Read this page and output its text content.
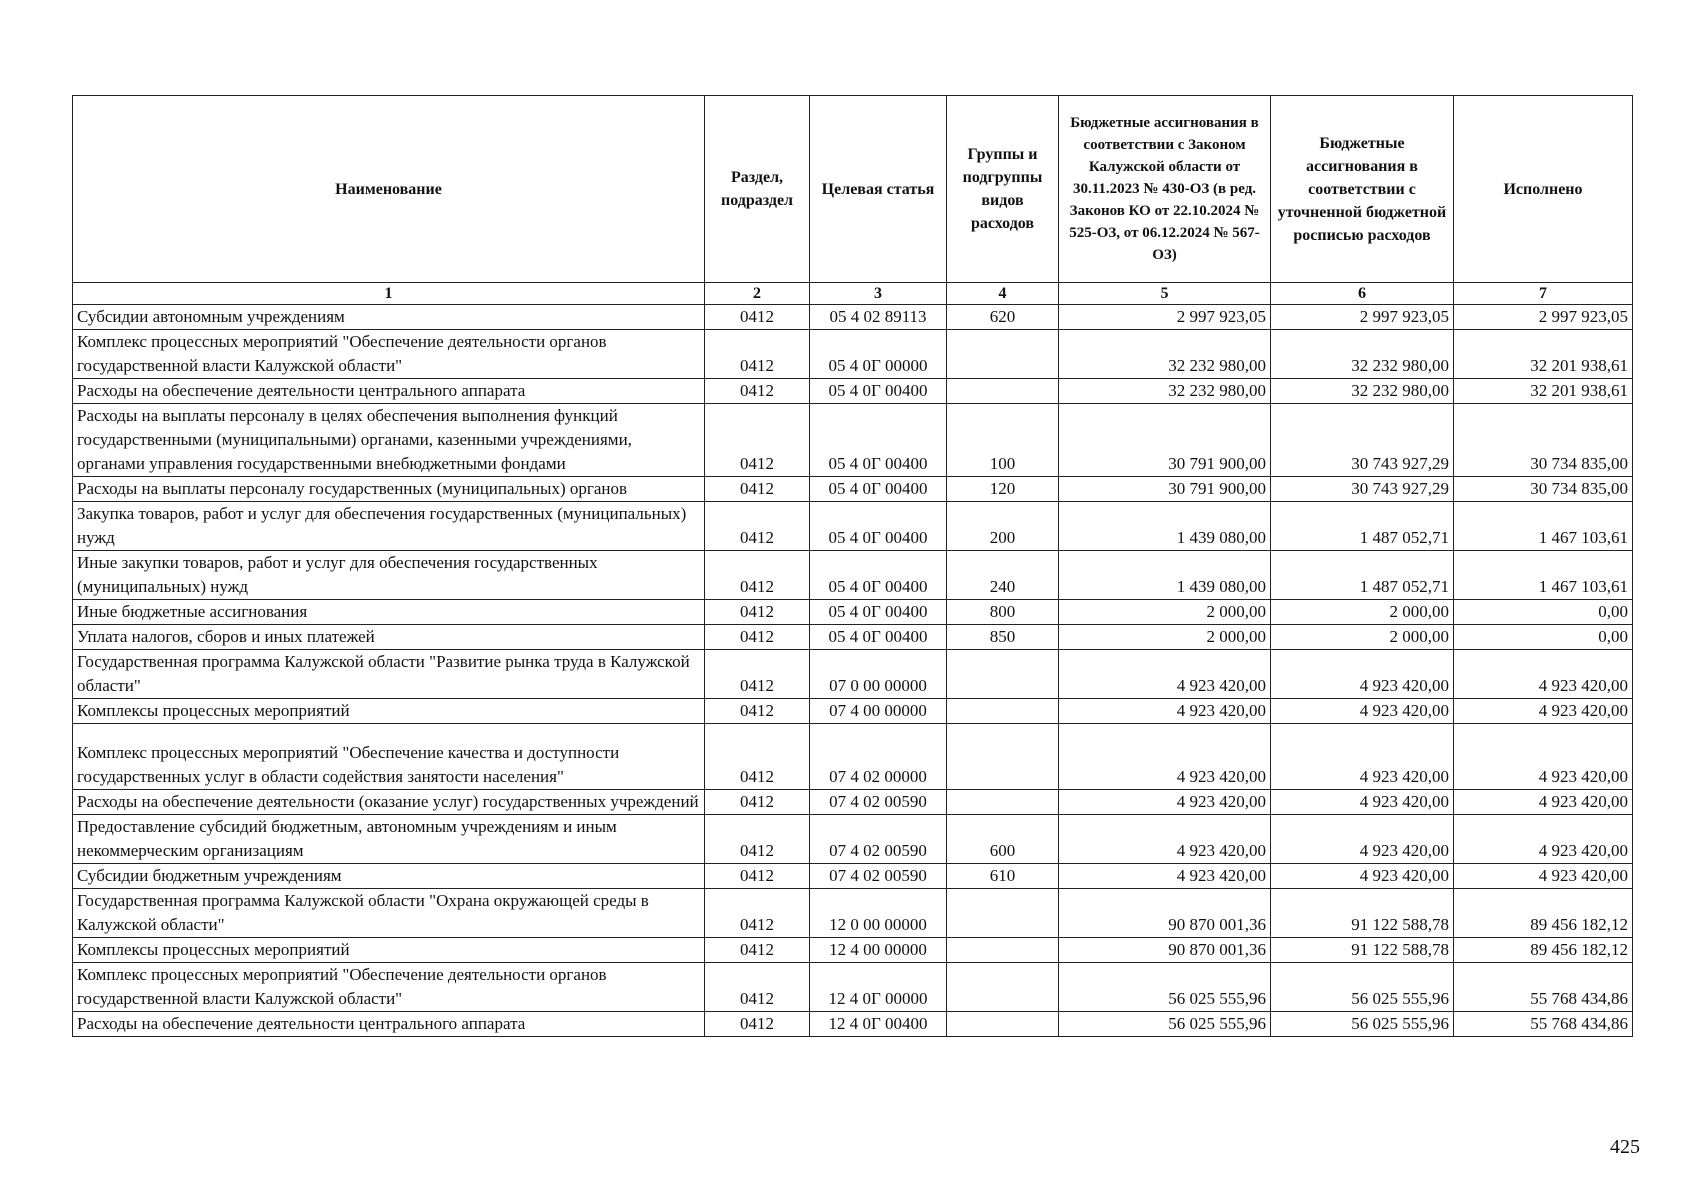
Наименование	Раздел, подраздел	Целевая статья	Группы и подгруппы видов расходов	Бюджетные ассигнования в соответствии с Законом Калужской области от 30.11.2023 № 430-ОЗ (в ред. Законов КО от 22.10.2024 № 525-ОЗ, от 06.12.2024 № 567-ОЗ)	Бюджетные ассигнования в соответствии с уточненной бюджетной росписью расходов	Исполнено
1	2	3	4	5	6	7
Субсидии автономным учреждениям	0412	05 4 02 89113	620	2 997 923,05	2 997 923,05	2 997 923,05
Комплекс процессных мероприятий "Обеспечение деятельности органов государственной власти Калужской области"	0412	05 4 0Г 00000		32 232 980,00	32 232 980,00	32 201 938,61
Расходы на обеспечение деятельности центрального аппарата	0412	05 4 0Г 00400		32 232 980,00	32 232 980,00	32 201 938,61
Расходы на выплаты персоналу в целях обеспечения выполнения функций государственными (муниципальными) органами, казенными учреждениями, органами управления государственными внебюджетными фондами	0412	05 4 0Г 00400	100	30 791 900,00	30 743 927,29	30 734 835,00
Расходы на выплаты персоналу государственных (муниципальных) органов	0412	05 4 0Г 00400	120	30 791 900,00	30 743 927,29	30 734 835,00
Закупка товаров, работ и услуг для обеспечения государственных (муниципальных) нужд	0412	05 4 0Г 00400	200	1 439 080,00	1 487 052,71	1 467 103,61
Иные закупки товаров, работ и услуг для обеспечения государственных (муниципальных) нужд	0412	05 4 0Г 00400	240	1 439 080,00	1 487 052,71	1 467 103,61
Иные бюджетные ассигнования	0412	05 4 0Г 00400	800	2 000,00	2 000,00	0,00
Уплата налогов, сборов и иных платежей	0412	05 4 0Г 00400	850	2 000,00	2 000,00	0,00
Государственная программа Калужской области "Развитие рынка труда в Калужской области"	0412	07 0 00 00000		4 923 420,00	4 923 420,00	4 923 420,00
Комплексы процессных мероприятий	0412	07 4 00 00000		4 923 420,00	4 923 420,00	4 923 420,00
Комплекс процессных мероприятий "Обеспечение качества и доступности государственных услуг в области содействия занятости населения"	0412	07 4 02 00000		4 923 420,00	4 923 420,00	4 923 420,00
Расходы на обеспечение деятельности (оказание услуг) государственных учреждений	0412	07 4 02 00590		4 923 420,00	4 923 420,00	4 923 420,00
Предоставление субсидий бюджетным, автономным учреждениям и иным некоммерческим организациям	0412	07 4 02 00590	600	4 923 420,00	4 923 420,00	4 923 420,00
Субсидии бюджетным учреждениям	0412	07 4 02 00590	610	4 923 420,00	4 923 420,00	4 923 420,00
Государственная программа Калужской области "Охрана окружающей среды в Калужской области"	0412	12 0 00 00000		90 870 001,36	91 122 588,78	89 456 182,12
Комплексы процессных мероприятий	0412	12 4 00 00000		90 870 001,36	91 122 588,78	89 456 182,12
Комплекс процессных мероприятий "Обеспечение деятельности органов государственной власти Калужской области"	0412	12 4 0Г 00000		56 025 555,96	56 025 555,96	55 768 434,86
Расходы на обеспечение деятельности центрального аппарата	0412	12 4 0Г 00400		56 025 555,96	56 025 555,96	55 768 434,86
425
